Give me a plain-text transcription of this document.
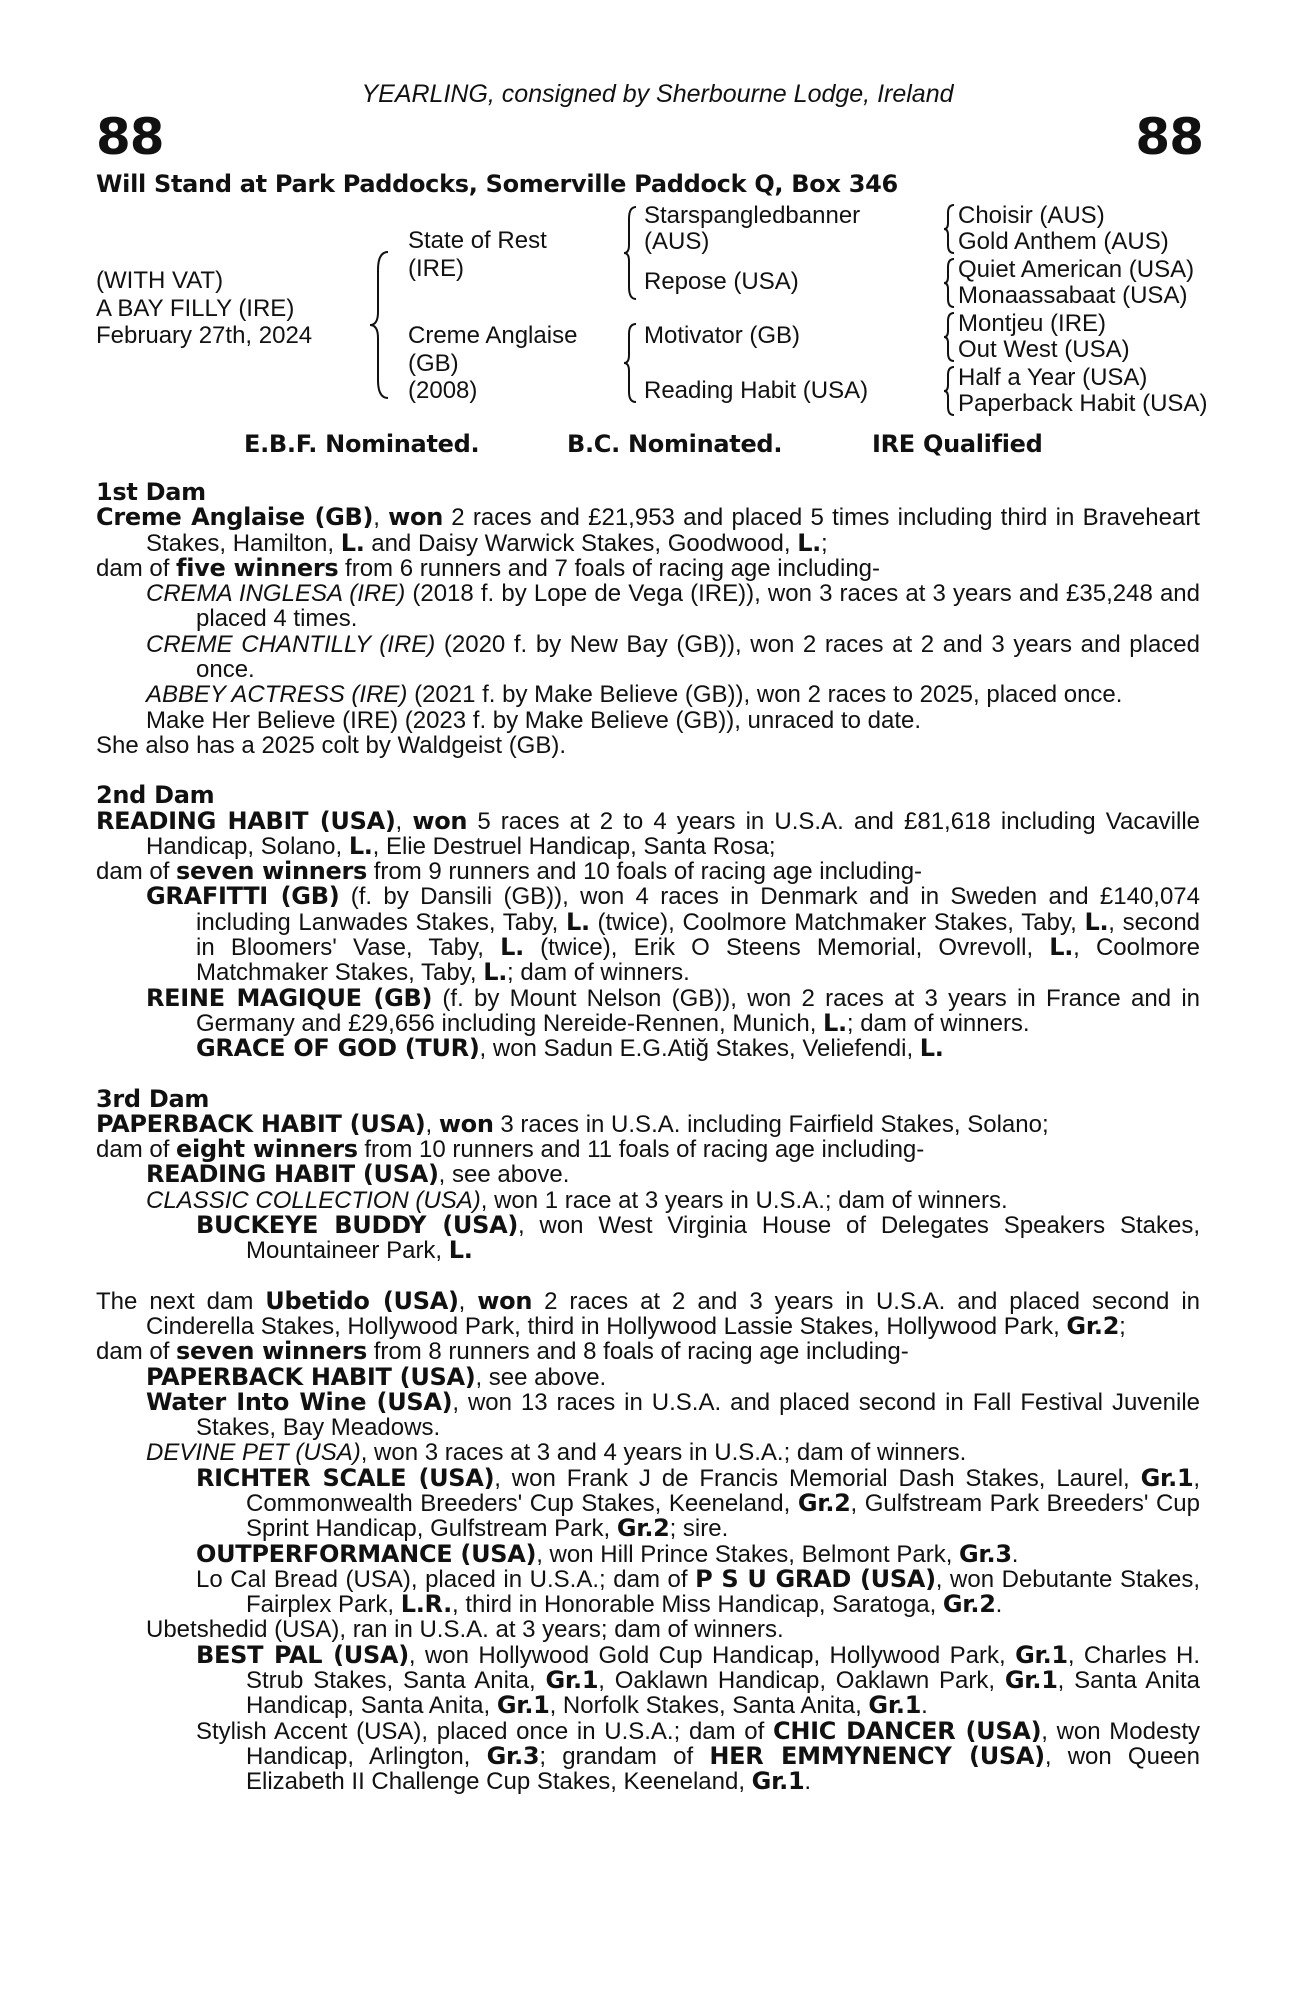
YEARLING, consigned by Sherbourne Lodge, Ireland
88	88
Will Stand at Park Paddocks, Somerville Paddock Q, Box 346
(WITH VAT)
A BAY FILLY (IRE)
February 27th, 2024
State of Rest
(IRE)
Creme Anglaise
(GB)
(2008)
Starspangledbanner
(AUS)
Repose (USA)
Motivator (GB)
Reading Habit (USA)
Choisir (AUS)
Gold Anthem (AUS)
Quiet American (USA)
Monaassabaat (USA)
Montjeu (IRE)
Out West (USA)
Half a Year (USA)
Paperback Habit (USA)
E.B.F. Nominated.	B.C. Nominated.	IRE Qualified

1st Dam

Creme Anglaise (GB), won 2 races and £21,953 and placed 5 times including third in Braveheart Stakes, Hamilton, L. and Daisy Warwick Stakes, Goodwood, L.;

dam of five winners from 6 runners and 7 foals of racing age including-

CREMA INGLESA (IRE) (2018 f. by Lope de Vega (IRE)), won 3 races at 3 years and £35,248 and placed 4 times.

CREME CHANTILLY (IRE) (2020 f. by New Bay (GB)), won 2 races at 2 and 3 years and placed once.

ABBEY ACTRESS (IRE) (2021 f. by Make Believe (GB)), won 2 races to 2025, placed once.

Make Her Believe (IRE) (2023 f. by Make Believe (GB)), unraced to date.

She also has a 2025 colt by Waldgeist (GB).

2nd Dam

READING HABIT (USA), won 5 races at 2 to 4 years in U.S.A. and £81,618 including Vacaville Handicap, Solano, L., Elie Destruel Handicap, Santa Rosa;

dam of seven winners from 9 runners and 10 foals of racing age including-

GRAFITTI (GB) (f. by Dansili (GB)), won 4 races in Denmark and in Sweden and £140,074 including Lanwades Stakes, Taby, L. (twice), Coolmore Matchmaker Stakes, Taby, L., second in Bloomers' Vase, Taby, L. (twice), Erik O Steens Memorial, Ovrevoll, L., Coolmore Matchmaker Stakes, Taby, L.; dam of winners.

REINE MAGIQUE (GB) (f. by Mount Nelson (GB)), won 2 races at 3 years in France and in Germany and £29,656 including Nereide-Rennen, Munich, L.; dam of winners.

GRACE OF GOD (TUR), won Sadun E.G.Atiğ Stakes, Veliefendi, L.

3rd Dam

PAPERBACK HABIT (USA), won 3 races in U.S.A. including Fairfield Stakes, Solano;

dam of eight winners from 10 runners and 11 foals of racing age including-

READING HABIT (USA), see above.

CLASSIC COLLECTION (USA), won 1 race at 3 years in U.S.A.; dam of winners.

BUCKEYE BUDDY (USA), won West Virginia House of Delegates Speakers Stakes, Mountaineer Park, L.

The next dam Ubetido (USA), won 2 races at 2 and 3 years in U.S.A. and placed second in Cinderella Stakes, Hollywood Park, third in Hollywood Lassie Stakes, Hollywood Park, Gr.2;

dam of seven winners from 8 runners and 8 foals of racing age including-

PAPERBACK HABIT (USA), see above.

Water Into Wine (USA), won 13 races in U.S.A. and placed second in Fall Festival Juvenile Stakes, Bay Meadows.

DEVINE PET (USA), won 3 races at 3 and 4 years in U.S.A.; dam of winners.

RICHTER SCALE (USA), won Frank J de Francis Memorial Dash Stakes, Laurel, Gr.1, Commonwealth Breeders' Cup Stakes, Keeneland, Gr.2, Gulfstream Park Breeders' Cup Sprint Handicap, Gulfstream Park, Gr.2; sire.

OUTPERFORMANCE (USA), won Hill Prince Stakes, Belmont Park, Gr.3.

Lo Cal Bread (USA), placed in U.S.A.; dam of P S U GRAD (USA), won Debutante Stakes, Fairplex Park, L.R., third in Honorable Miss Handicap, Saratoga, Gr.2.

Ubetshedid (USA), ran in U.S.A. at 3 years; dam of winners.

BEST PAL (USA), won Hollywood Gold Cup Handicap, Hollywood Park, Gr.1, Charles H. Strub Stakes, Santa Anita, Gr.1, Oaklawn Handicap, Oaklawn Park, Gr.1, Santa Anita Handicap, Santa Anita, Gr.1, Norfolk Stakes, Santa Anita, Gr.1.

Stylish Accent (USA), placed once in U.S.A.; dam of CHIC DANCER (USA), won Modesty Handicap, Arlington, Gr.3; grandam of HER EMMYNENCY (USA), won Queen Elizabeth II Challenge Cup Stakes, Keeneland, Gr.1.
